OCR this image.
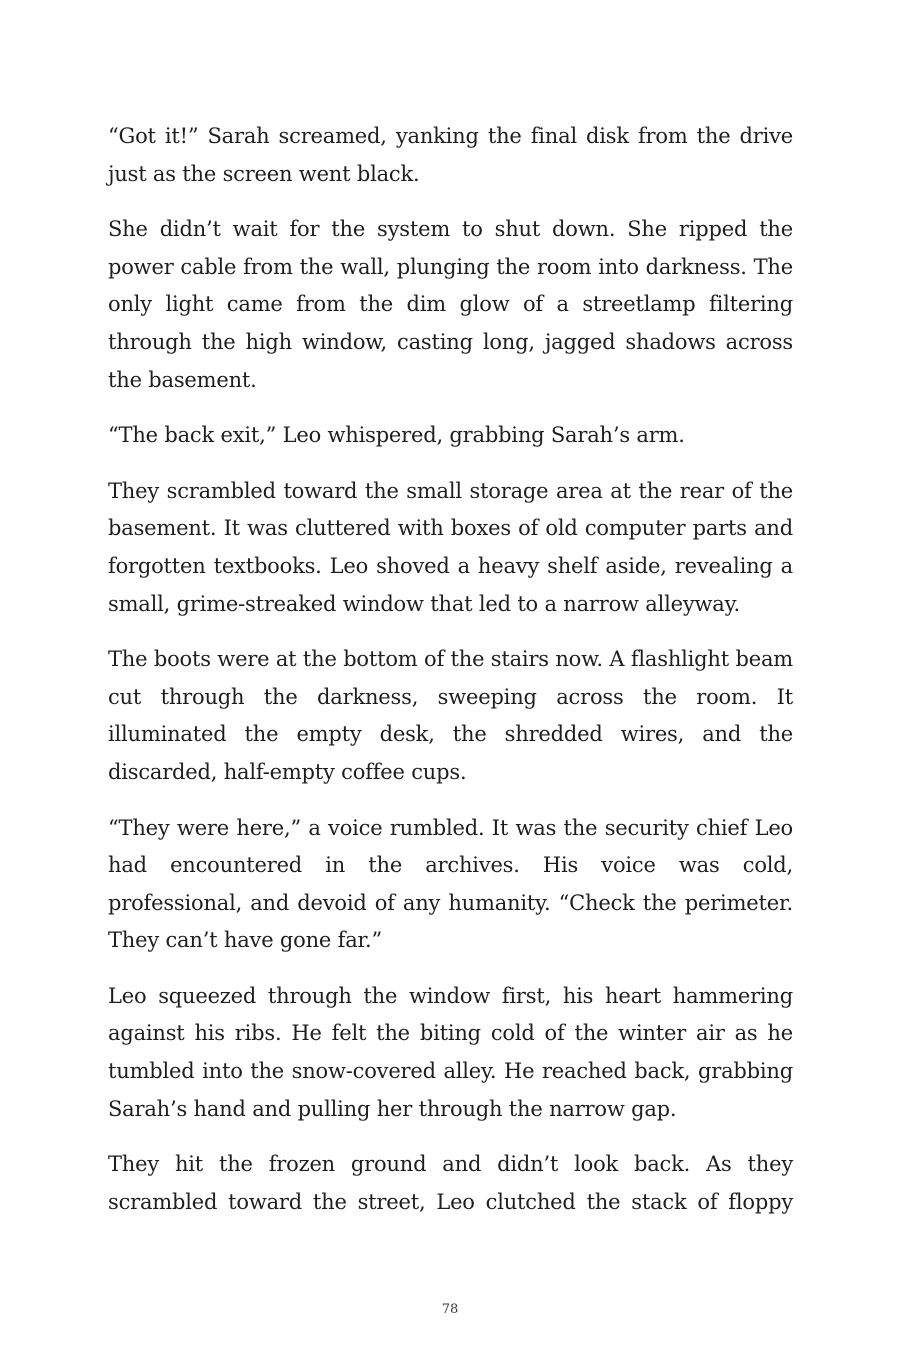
“Got it!” Sarah screamed, yanking the final disk from the drive just as the screen went black.

She didn’t wait for the system to shut down. She ripped the power cable from the wall, plunging the room into darkness. The only light came from the dim glow of a streetlamp filtering through the high window, casting long, jagged shadows across the basement.

“The back exit,” Leo whispered, grabbing Sarah’s arm.

They scrambled toward the small storage area at the rear of the basement. It was cluttered with boxes of old computer parts and forgotten textbooks. Leo shoved a heavy shelf aside, revealing a small, grime-streaked window that led to a narrow alleyway.

The boots were at the bottom of the stairs now. A flashlight beam cut through the darkness, sweeping across the room. It illuminated the empty desk, the shredded wires, and the discarded, half-empty coffee cups.

“They were here,” a voice rumbled. It was the security chief Leo had encountered in the archives. His voice was cold, professional, and devoid of any humanity. “Check the perimeter. They can’t have gone far.”

Leo squeezed through the window first, his heart hammering against his ribs. He felt the biting cold of the winter air as he tumbled into the snow-covered alley. He reached back, grabbing Sarah’s hand and pulling her through the narrow gap.

They hit the frozen ground and didn’t look back. As they scrambled toward the street, Leo clutched the stack of floppy

78
